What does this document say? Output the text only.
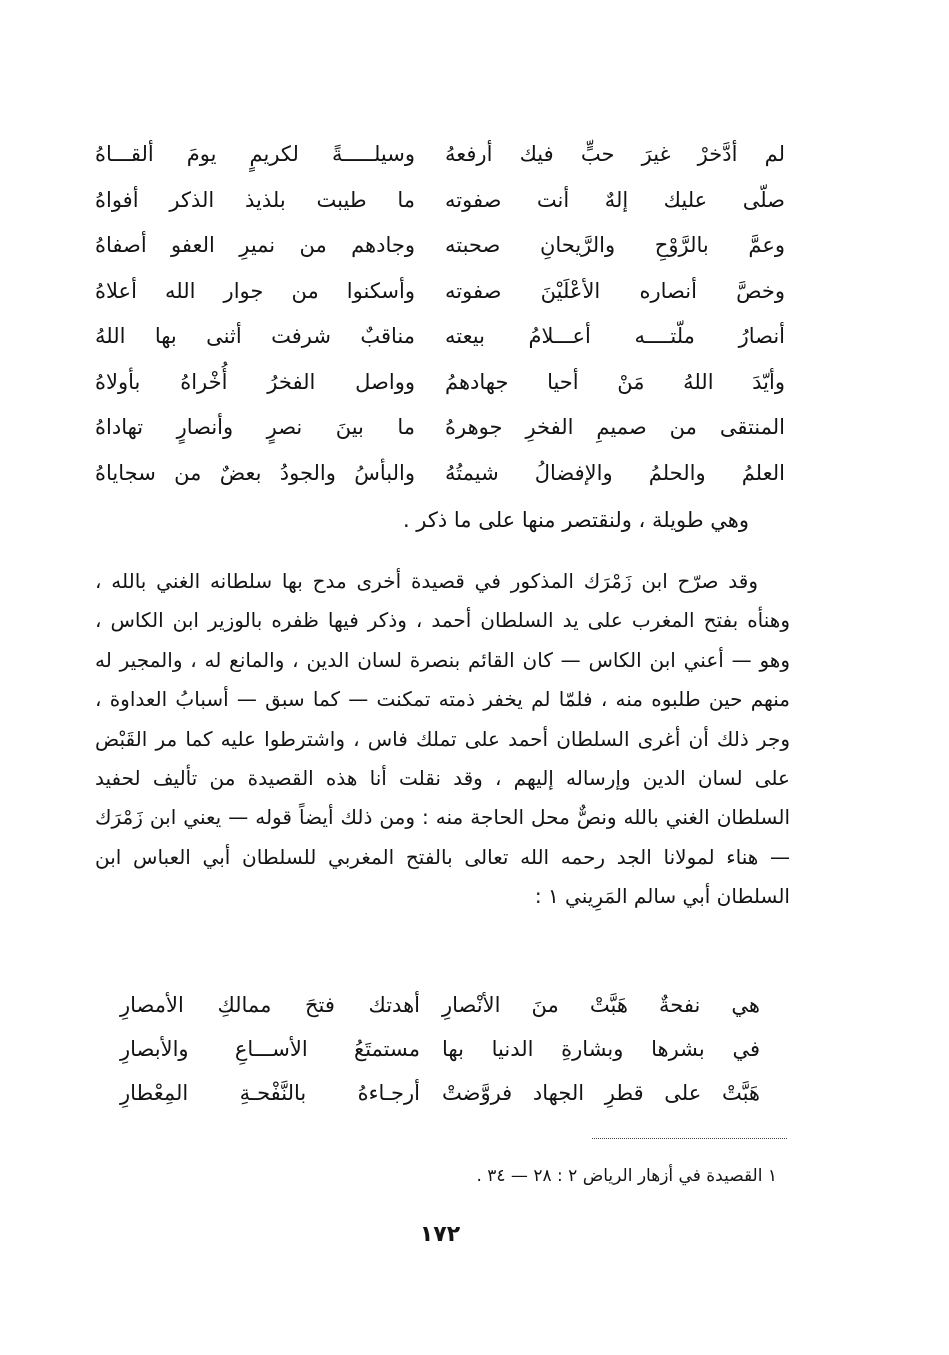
لم أدَّخرْ غيرَ حبٍّ فيك أرفعهُ
وسيلـــــةً لكريمٍ يومَ ألقـــاهُ
صلّى عليك إلهٌ أنت صفوته
ما طيبت بلذيذ الذكر أفواهُ
وعمَّ بالرَّوْحِ والرَّيحانِ صحبته
وجادهم من نميرِ العفو أصفاهُ
وخصَّ أنصاره الأعْلَيْنَ صفوته
وأسكنوا من جوار الله أعلاهُ
أنصارُ ملّتــــه أعـــلامُ بيعته
مناقبٌ شرفت أثنى بها اللهُ
وأيّدَ اللهُ مَنْ أحيا جهادهمُ
وواصل الفخرُ أُخْراهُ بأولاهُ
المنتقى من صميمِ الفخرِ جوهرهُ
ما بينَ نصرٍ وأنصارٍ تهاداهُ
العلمُ والحلمُ والإفضالُ شيمتُهُ
والبأسُ والجودُ بعضٌ من سجاياهُ
وهي طويلة ، ولنقتصر منها على ما ذكر .

وقد صرّح ابن زَمْرَك المذكور في قصيدة أخرى مدح بها سلطانه الغني بالله ، وهنأه بفتح المغرب على يد السلطان أحمد ، وذكر فيها ظفره بالوزير ابن الكاس ، وهو — أعني ابن الكاس — كان القائم بنصرة لسان الدين ، والمانع له ، والمجير له منهم حين طلبوه منه ، فلمّا لم يخفر ذمته تمكنت — كما سبق — أسبابُ العداوة ، وجر ذلك أن أغرى السلطان أحمد على تملك فاس ، واشترطوا عليه كما مر القَبْض على لسان الدين وإرساله إليهم ، وقد نقلت أنا هذه القصيدة من تأليف لحفيد السلطان الغني بالله ونصٌّ محل الحاجة منه : ومن ذلك أيضاً قوله — يعني ابن زَمْرَك — هناء لمولانا الجد رحمه الله تعالى بالفتح المغربي للسلطان أبي العباس ابن السلطان أبي سالم المَرِيني ١ :

هي نفحةٌ هَبَّتْ منَ الأنْصارِ
أهدتك فتحَ ممالكِ الأمصارِ
في بشرها وبشارةِ الدنيا بها
مستمتَعُ الأســـاعِ والأبصارِ
هَبَّتْ على قطرِ الجهاد فروَّضتْ
أرجـاءهُ بالنَّفْحـةِ المِعْطارِ
١ القصيدة في أزهار الرياض ٢ : ٢٨ — ٣٤ .
١٧٢
